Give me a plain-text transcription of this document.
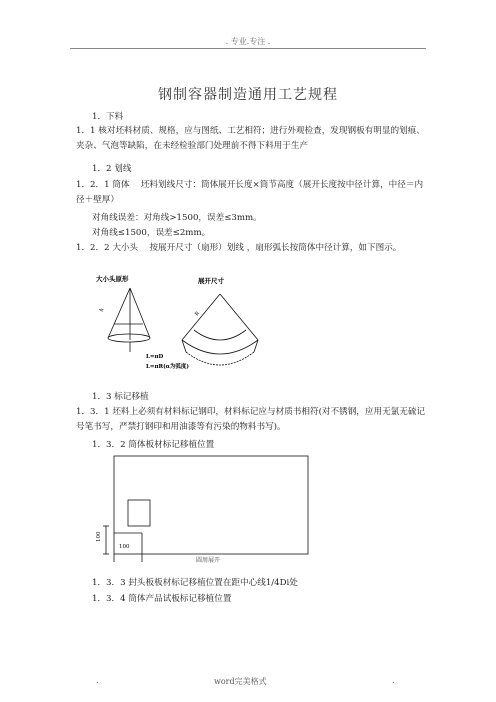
. 专业.专注 .
钢制容器制造通用工艺规程
1．下料
1．1 核对坯料材质、规格，应与图纸、工艺相符；进行外观检查，发现钢板有明显的划痕、夹杂、气泡等缺陷，在未经检验部门处理前不得下料用于生产
1．2 划线
1．2．1 筒体　 坯料划线尺寸：筒体展开长度×筒节高度（展开长度按中径计算，中径＝内径＋壁厚）
对角线误差：对角线>1500，误差≤3mm。
对角线≤1500，误差≤2mm。
1．2．2 大小头　 按展开尺寸（扇形）划线 ，扇形弧长按筒体中径计算，如下图示。
大小头原形	展开尺寸
h
R
L=πD
L=πR(α为弧度)
1．3 标记移植
1．3．1 坯料上必须有材料标记钢印，材料标记应与材质书相符(对不锈钢，应用无氯无硫记号笔书写，严禁打钢印和用油漆等有污染的物料书写)。
1．3．2 筒体板材标记移植位置
100
100
圆周展开
1．3．3 封头板板材标记移植位置在距中心线1/4Di处
1．3．4 筒体产品试板标记移植位置
.	word完美格式	.
